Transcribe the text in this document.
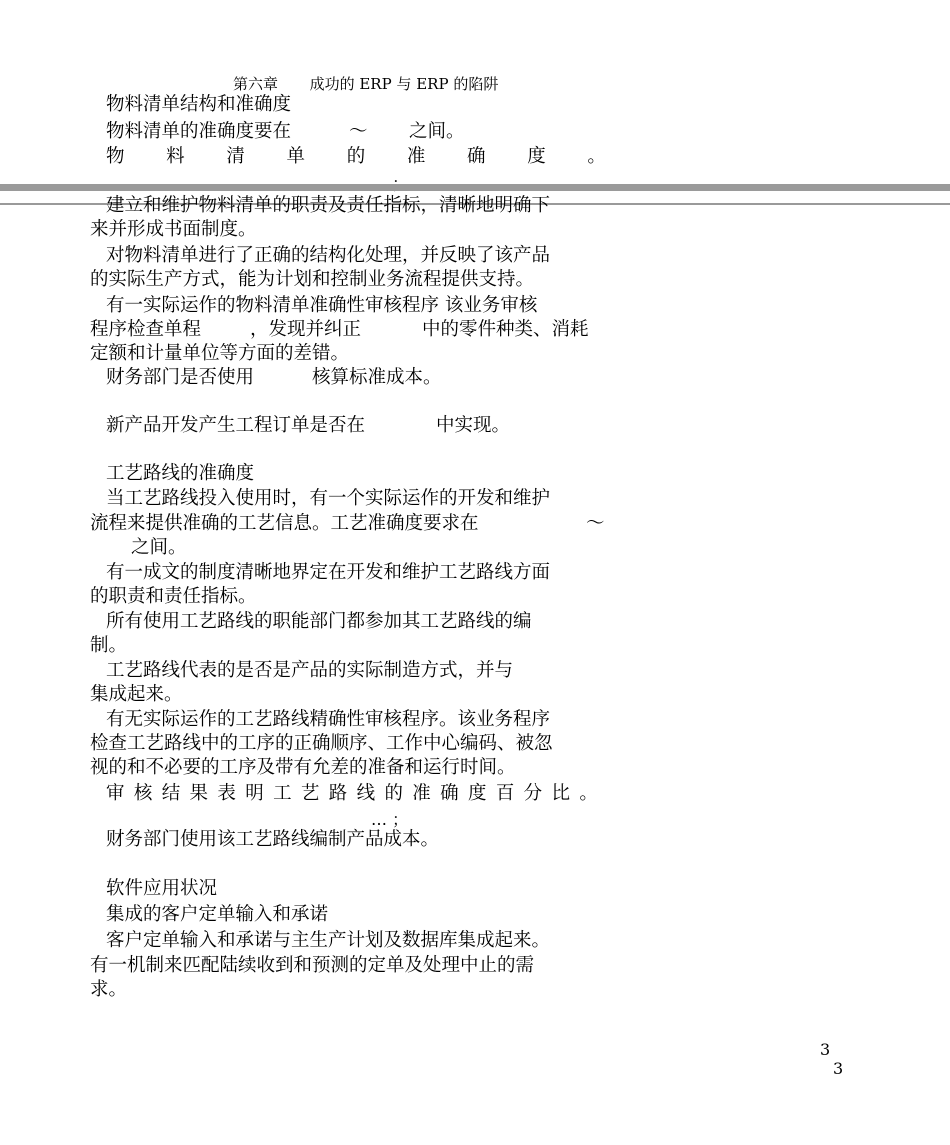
第六章 成功的 ERP 与 ERP 的陷阱
物料清单结构和准确度
物料清单的准确度要在	～ 之间。
物 料 清 单 的 准 确 度 。
建立和维护物料清单的职责及责任指标，清晰地明确下
来并形成书面制度。
对物料清单进行了正确的结构化处理，并反映了该产品
的实际生产方式，能为计划和控制业务流程提供支持。
有一实际运作的物料清单准确性审核程序 该业务审核
程序检查单程	，发现并纠正	中的零件种类、消耗
定额和计量单位等方面的差错。
财务部门是否使用	核算标准成本。
新产品开发产生工程订单是否在	中实现。
工艺路线的准确度
当工艺路线投入使用时，有一个实际运作的开发和维护
流程来提供准确的工艺信息。工艺准确度要求在	～
之间。
有一成文的制度清晰地界定在开发和维护工艺路线方面
的职责和责任指标。
所有使用工艺路线的职能部门都参加其工艺路线的编
制。
工艺路线代表的是否是产品的实际制造方式，并与
集成起来。
有无实际运作的工艺路线精确性审核程序。该业务程序
检查工艺路线中的工序的正确顺序、工作中心编码、被忽
视的和不必要的工序及带有允差的准备和运行时间。
审 核 结 果 表 明 工 艺 路 线 的 准 确 度 百 分 比 。
… ；
财务部门使用该工艺路线编制产品成本。
软件应用状况
集成的客户定单输入和承诺
客户定单输入和承诺与主生产计划及数据库集成起来。
有一机制来匹配陆续收到和预测的定单及处理中止的需
求。
3
3
